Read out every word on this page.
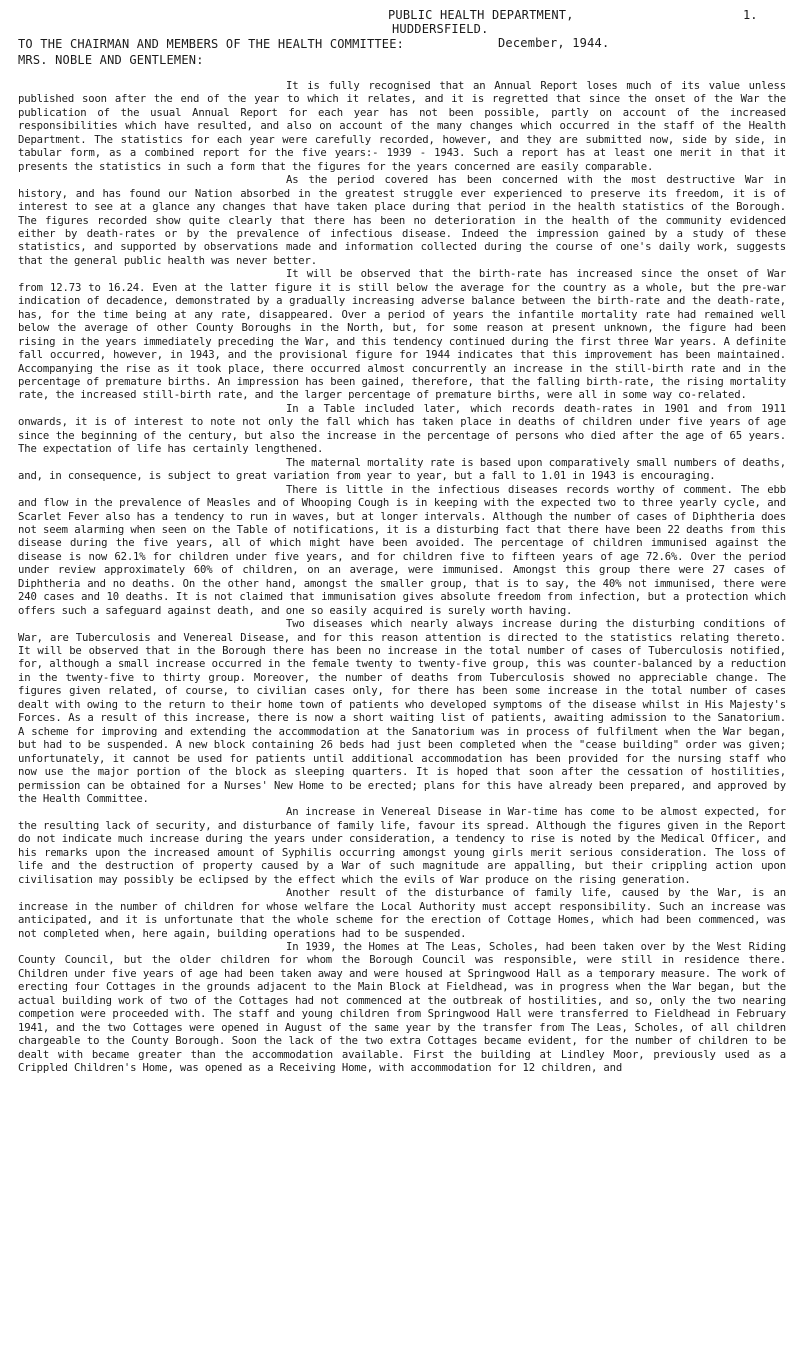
PUBLIC HEALTH DEPARTMENT,
HUDDERSFIELD.
December, 1944.
1.
TO THE CHAIRMAN AND MEMBERS OF THE HEALTH COMMITTEE:
MRS. NOBLE AND GENTLEMEN:

It is fully recognised that an Annual Report loses much of its value unless published soon after the end of the year to which it relates, and it is regretted that since the onset of the War the publication of the usual Annual Report for each year has not been possible, partly on account of the increased responsibilities which have resulted, and also on account of the many changes which occurred in the staff of the Health Department. The statistics for each year were carefully recorded, however, and they are submitted now, side by side, in tabular form, as a combined report for the five years:- 1939 - 1943. Such a report has at least one merit in that it presents the statistics in such a form that the figures for the years concerned are easily comparable.

As the period covered has been concerned with the most destructive War in history, and has found our Nation absorbed in the greatest struggle ever experienced to preserve its freedom, it is of interest to see at a glance any changes that have taken place during that period in the health statistics of the Borough. The figures recorded show quite clearly that there has been no deterioration in the health of the community evidenced either by death-rates or by the prevalence of infectious disease. Indeed the impression gained by a study of these statistics, and supported by observations made and information collected during the course of one's daily work, suggests that the general public health was never better.

It will be observed that the birth-rate has increased since the onset of War from 12.73 to 16.24. Even at the latter figure it is still below the average for the country as a whole, but the pre-war indication of decadence, demonstrated by a gradually increasing adverse balance between the birth-rate and the death-rate, has, for the time being at any rate, disappeared. Over a period of years the infantile mortality rate had remained well below the average of other County Boroughs in the North, but, for some reason at present unknown, the figure had been rising in the years immediately preceding the War, and this tendency continued during the first three War years. A definite fall occurred, however, in 1943, and the provisional figure for 1944 indicates that this improvement has been maintained. Accompanying the rise as it took place, there occurred almost concurrently an increase in the still-birth rate and in the percentage of premature births. An impression has been gained, therefore, that the falling birth-rate, the rising mortality rate, the increased still-birth rate, and the larger percentage of premature births, were all in some way co-related.

In a Table included later, which records death-rates in 1901 and from 1911 onwards, it is of interest to note not only the fall which has taken place in deaths of children under five years of age since the beginning of the century, but also the increase in the percentage of persons who died after the age of 65 years. The expectation of life has certainly lengthened.

The maternal mortality rate is based upon comparatively small numbers of deaths, and, in consequence, is subject to great variation from year to year, but a fall to 1.01 in 1943 is encouraging.

There is little in the infectious diseases records worthy of comment. The ebb and flow in the prevalence of Measles and of Whooping Cough is in keeping with the expected two to three yearly cycle, and Scarlet Fever also has a tendency to run in waves, but at longer intervals. Although the number of cases of Diphtheria does not seem alarming when seen on the Table of notifications, it is a disturbing fact that there have been 22 deaths from this disease during the five years, all of which might have been avoided. The percentage of children immunised against the disease is now 62.1% for children under five years, and for children five to fifteen years of age 72.6%. Over the period under review approximately 60% of children, on an average, were immunised. Amongst this group there were 27 cases of Diphtheria and no deaths. On the other hand, amongst the smaller group, that is to say, the 40% not immunised, there were 240 cases and 10 deaths. It is not claimed that immunisation gives absolute freedom from infection, but a protection which offers such a safeguard against death, and one so easily acquired is surely worth having.

Two diseases which nearly always increase during the disturbing conditions of War, are Tuberculosis and Venereal Disease, and for this reason attention is directed to the statistics relating thereto. It will be observed that in the Borough there has been no increase in the total number of cases of Tuberculosis notified, for, although a small increase occurred in the female twenty to twenty-five group, this was counter-balanced by a reduction in the twenty-five to thirty group. Moreover, the number of deaths from Tuberculosis showed no appreciable change. The figures given related, of course, to civilian cases only, for there has been some increase in the total number of cases dealt with owing to the return to their home town of patients who developed symptoms of the disease whilst in His Majesty's Forces. As a result of this increase, there is now a short waiting list of patients, awaiting admission to the Sanatorium. A scheme for improving and extending the accommodation at the Sanatorium was in process of fulfilment when the War began, but had to be suspended. A new block containing 26 beds had just been completed when the "cease building" order was given; unfortunately, it cannot be used for patients until additional accommodation has been provided for the nursing staff who now use the major portion of the block as sleeping quarters. It is hoped that soon after the cessation of hostilities, permission can be obtained for a Nurses' New Home to be erected; plans for this have already been prepared, and approved by the Health Committee.

An increase in Venereal Disease in War-time has come to be almost expected, for the resulting lack of security, and disturbance of family life, favour its spread. Although the figures given in the Report do not indicate much increase during the years under consideration, a tendency to rise is noted by the Medical Officer, and his remarks upon the increased amount of Syphilis occurring amongst young girls merit serious consideration. The loss of life and the destruction of property caused by a War of such magnitude are appalling, but their crippling action upon civilisation may possibly be eclipsed by the effect which the evils of War produce on the rising generation.

Another result of the disturbance of family life, caused by the War, is an increase in the number of children for whose welfare the Local Authority must accept responsibility. Such an increase was anticipated, and it is unfortunate that the whole scheme for the erection of Cottage Homes, which had been commenced, was not completed when, here again, building operations had to be suspended.

In 1939, the Homes at The Leas, Scholes, had been taken over by the West Riding County Council, but the older children for whom the Borough Council was responsible, were still in residence there. Children under five years of age had been taken away and were housed at Springwood Hall as a temporary measure. The work of erecting four Cottages in the grounds adjacent to the Main Block at Fieldhead, was in progress when the War began, but the actual building work of two of the Cottages had not commenced at the outbreak of hostilities, and so, only the two nearing competion were proceeded with. The staff and young children from Springwood Hall were transferred to Fieldhead in February 1941, and the two Cottages were opened in August of the same year by the transfer from The Leas, Scholes, of all children chargeable to the County Borough. Soon the lack of the two extra Cottages became evident, for the number of children to be dealt with became greater than the accommodation available. First the building at Lindley Moor, previously used as a Crippled Children's Home, was opened as a Receiving Home, with accommodation for 12 children, and
